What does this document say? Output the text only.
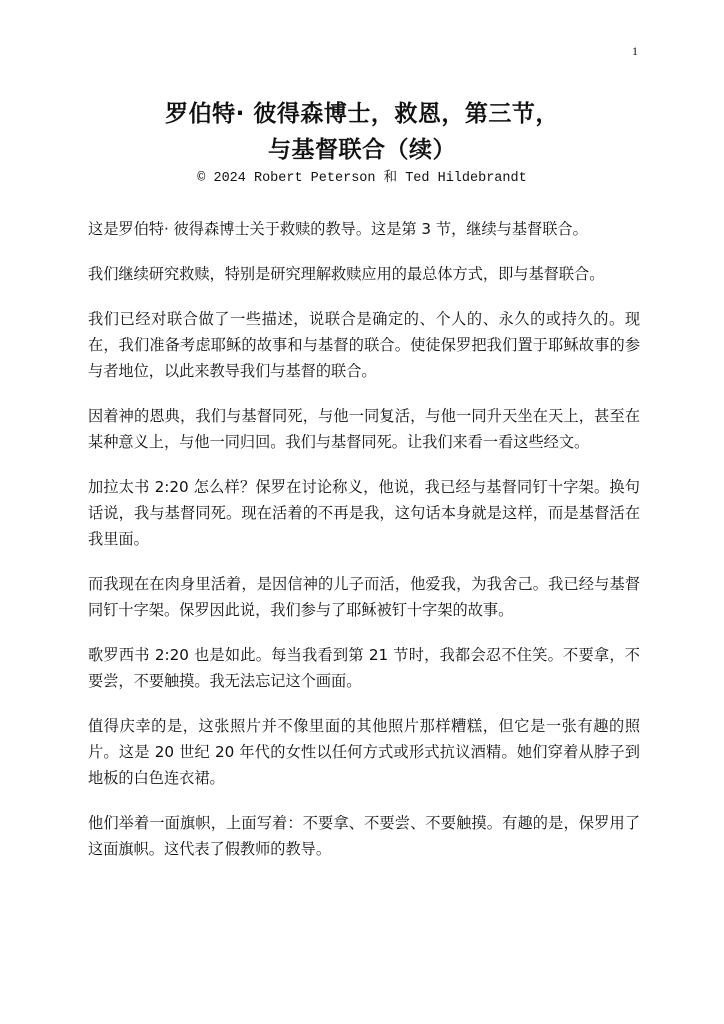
1
罗伯特· 彼得森博士，救恩，第三节，
与基督联合（续）
© 2024 Robert Peterson 和 Ted Hildebrandt

这是罗伯特· 彼得森博士关于救赎的教导。这是第 3 节，继续与基督联合。

我们继续研究救赎，特别是研究理解救赎应用的最总体方式，即与基督联合。

我们已经对联合做了一些描述，说联合是确定的、个人的、永久的或持久的。现在，我们准备考虑耶稣的故事和与基督的联合。使徒保罗把我们置于耶稣故事的参与者地位，以此来教导我们与基督的联合。

因着神的恩典，我们与基督同死，与他一同复活，与他一同升天坐在天上，甚至在某种意义上，与他一同归回。我们与基督同死。让我们来看一看这些经文。

加拉太书 2:20 怎么样？保罗在讨论称义，他说，我已经与基督同钉十字架。换句话说，我与基督同死。现在活着的不再是我，这句话本身就是这样，而是基督活在我里面。

而我现在在肉身里活着，是因信神的儿子而活，他爱我，为我舍己。我已经与基督同钉十字架。保罗因此说，我们参与了耶稣被钉十字架的故事。

歌罗西书 2:20 也是如此。每当我看到第 21 节时，我都会忍不住笑。不要拿，不要尝，不要触摸。我无法忘记这个画面。

值得庆幸的是，这张照片并不像里面的其他照片那样糟糕，但它是一张有趣的照片。这是 20 世纪 20 年代的女性以任何方式或形式抗议酒精。她们穿着从脖子到地板的白色连衣裙。

他们举着一面旗帜，上面写着：不要拿、不要尝、不要触摸。有趣的是，保罗用了这面旗帜。这代表了假教师的教导。
